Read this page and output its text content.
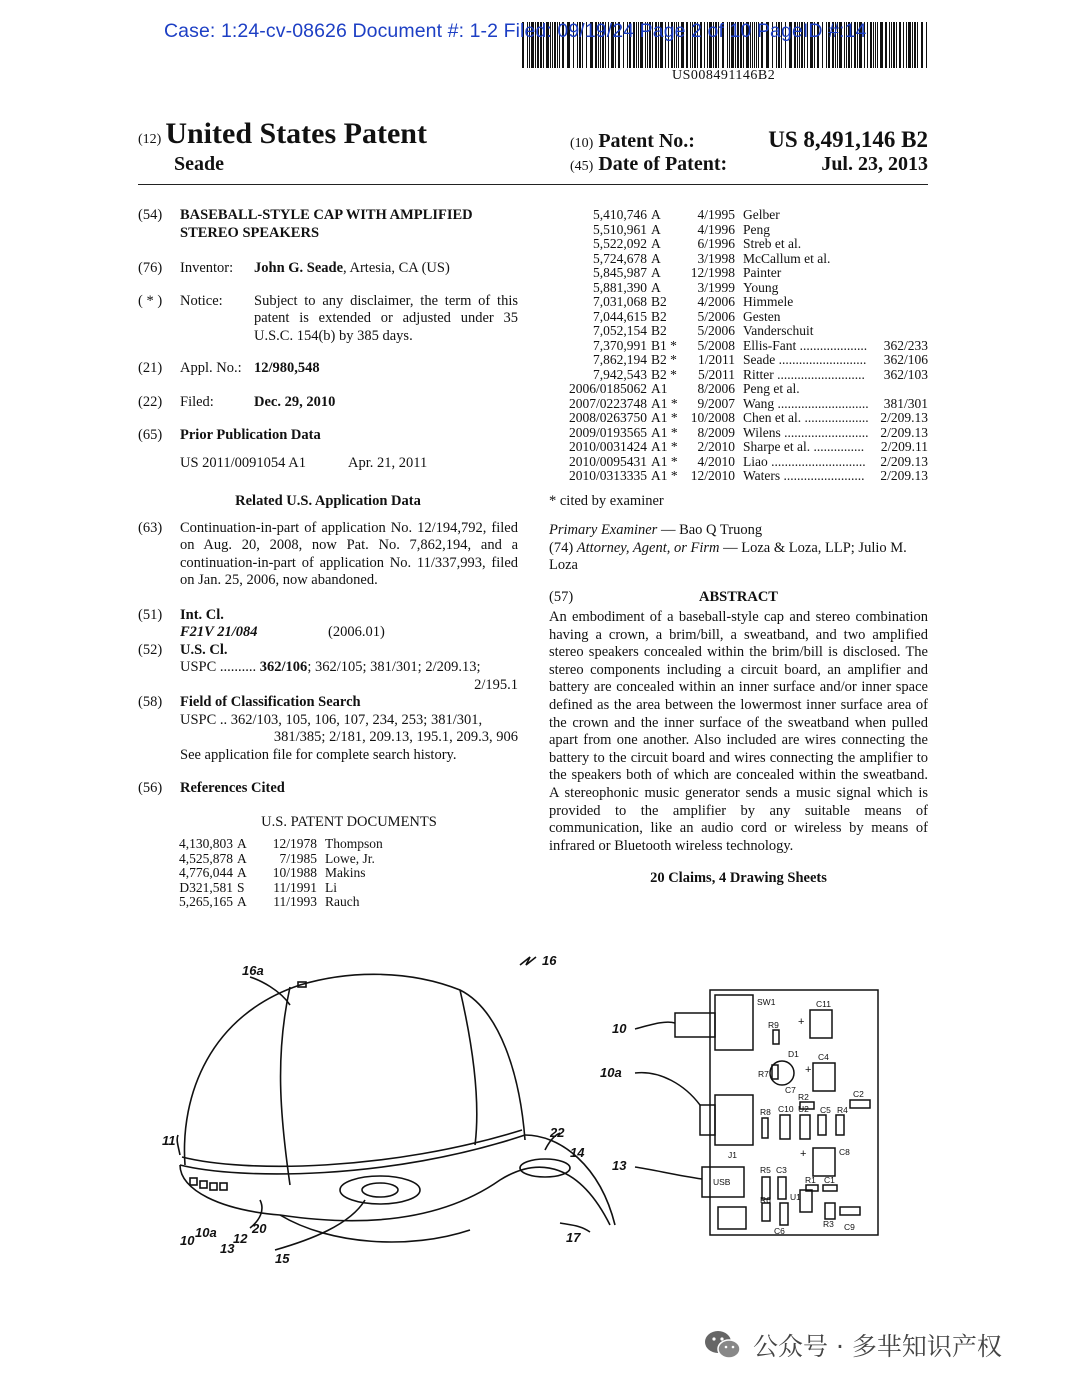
Case: 1:24-cv-08626 Document #: 1-2 Filed: 09/19/24 Page 2 of 10 PageID #:14
US008491146B2
(12) United States Patent
Seade
(10) Patent No.:	US 8,491,146 B2
(45) Date of Patent:	Jul. 23, 2013
(54)	BASEBALL-STYLE CAP WITH AMPLIFIED STEREO SPEAKERS
(76)	Inventor:	John G. Seade, Artesia, CA (US)
( * )	Notice:	Subject to any disclaimer, the term of this patent is extended or adjusted under 35 U.S.C. 154(b) by 385 days.
(21)	Appl. No.: 12/980,548
(22)	Filed:	Dec. 29, 2010
(65)	Prior Publication Data
US 2011/0091054 A1	Apr. 21, 2011
Related U.S. Application Data
(63)	Continuation-in-part of application No. 12/194,792, filed on Aug. 20, 2008, now Pat. No. 7,862,194, and a continuation-in-part of application No. 11/337,993, filed on Jan. 25, 2006, now abandoned.
(51)	Int. Cl.
F21V 21/084	(2006.01)
(52)	U.S. Cl.
USPC .......... 362/106; 362/105; 381/301; 2/209.13;
2/195.1
(58)	Field of Classification Search
USPC .. 362/103, 105, 106, 107, 234, 253; 381/301,
381/385; 2/181, 209.13, 195.1, 209.3, 906
See application file for complete search history.
(56)	References Cited
U.S. PATENT DOCUMENTS
4,130,803	A	12/1978	Thompson
4,525,878	A	7/1985	Lowe, Jr.
4,776,044	A	10/1988	Makins
D321,581	S	11/1991	Li
5,265,165	A	11/1993	Rauch
5,410,746	A	4/1995	Gelber	
5,510,961	A	4/1996	Peng	
5,522,092	A	6/1996	Streb et al.	
5,724,678	A	3/1998	McCallum et al.	
5,845,987	A	12/1998	Painter	
5,881,390	A	3/1999	Young	
7,031,068	B2	4/2006	Himmele	
7,044,615	B2	5/2006	Gesten	
7,052,154	B2	5/2006	Vanderschuit	
7,370,991	B1 *	5/2008	Ellis-Fant ....................	362/233
7,862,194	B2 *	1/2011	Seade ..........................	362/106
7,942,543	B2 *	5/2011	Ritter ..........................	362/103
2006/0185062	A1	8/2006	Peng et al.	
2007/0223748	A1 *	9/2007	Wang ...........................	381/301
2008/0263750	A1 *	10/2008	Chen et al. ...................	2/209.13
2009/0193565	A1 *	8/2009	Wilens .........................	2/209.13
2010/0031424	A1 *	2/2010	Sharpe et al. ...............	2/209.11
2010/0095431	A1 *	4/2010	Liao ............................	2/209.13
2010/0313335	A1 *	12/2010	Waters ........................	2/209.13
* cited by examiner
Primary Examiner — Bao Q Truong
(74) Attorney, Agent, or Firm — Loza & Loza, LLP; Julio M. Loza
(57)	ABSTRACT
An embodiment of a baseball-style cap and stereo combination having a crown, a brim/bill, a sweatband, and two amplified stereo speakers concealed within the brim/bill is disclosed. The stereo components including a circuit board, an amplifier and battery are concealed within an inner surface and/or inner space defined as the area between the lowermost inner surface area of the crown and the inner surface of the sweatband when pulled apart from one another. Also included are wires connecting the battery to the circuit board and wires connecting the amplifier to the speakers both of which are concealed within the sweatband. A stereophonic music generator sends a music signal which is provided to the amplifier by any suitable means of communication, like an audio cord or wireless by means of infrared or Bluetooth wireless technology.
20 Claims, 4 Drawing Sheets
16a
16
11
22
14
10
10a 12
13
20
15
17
SW1	C11
+
R9
D1 C4
+
R7
C7
R2	C2
C5 R4
R8 C10 U2
J1	C8
+
R5 C3
USB	R1 C1
R6 U1
R3
C6	C9
10
10a
13
公众号 · 多芈知识产权
